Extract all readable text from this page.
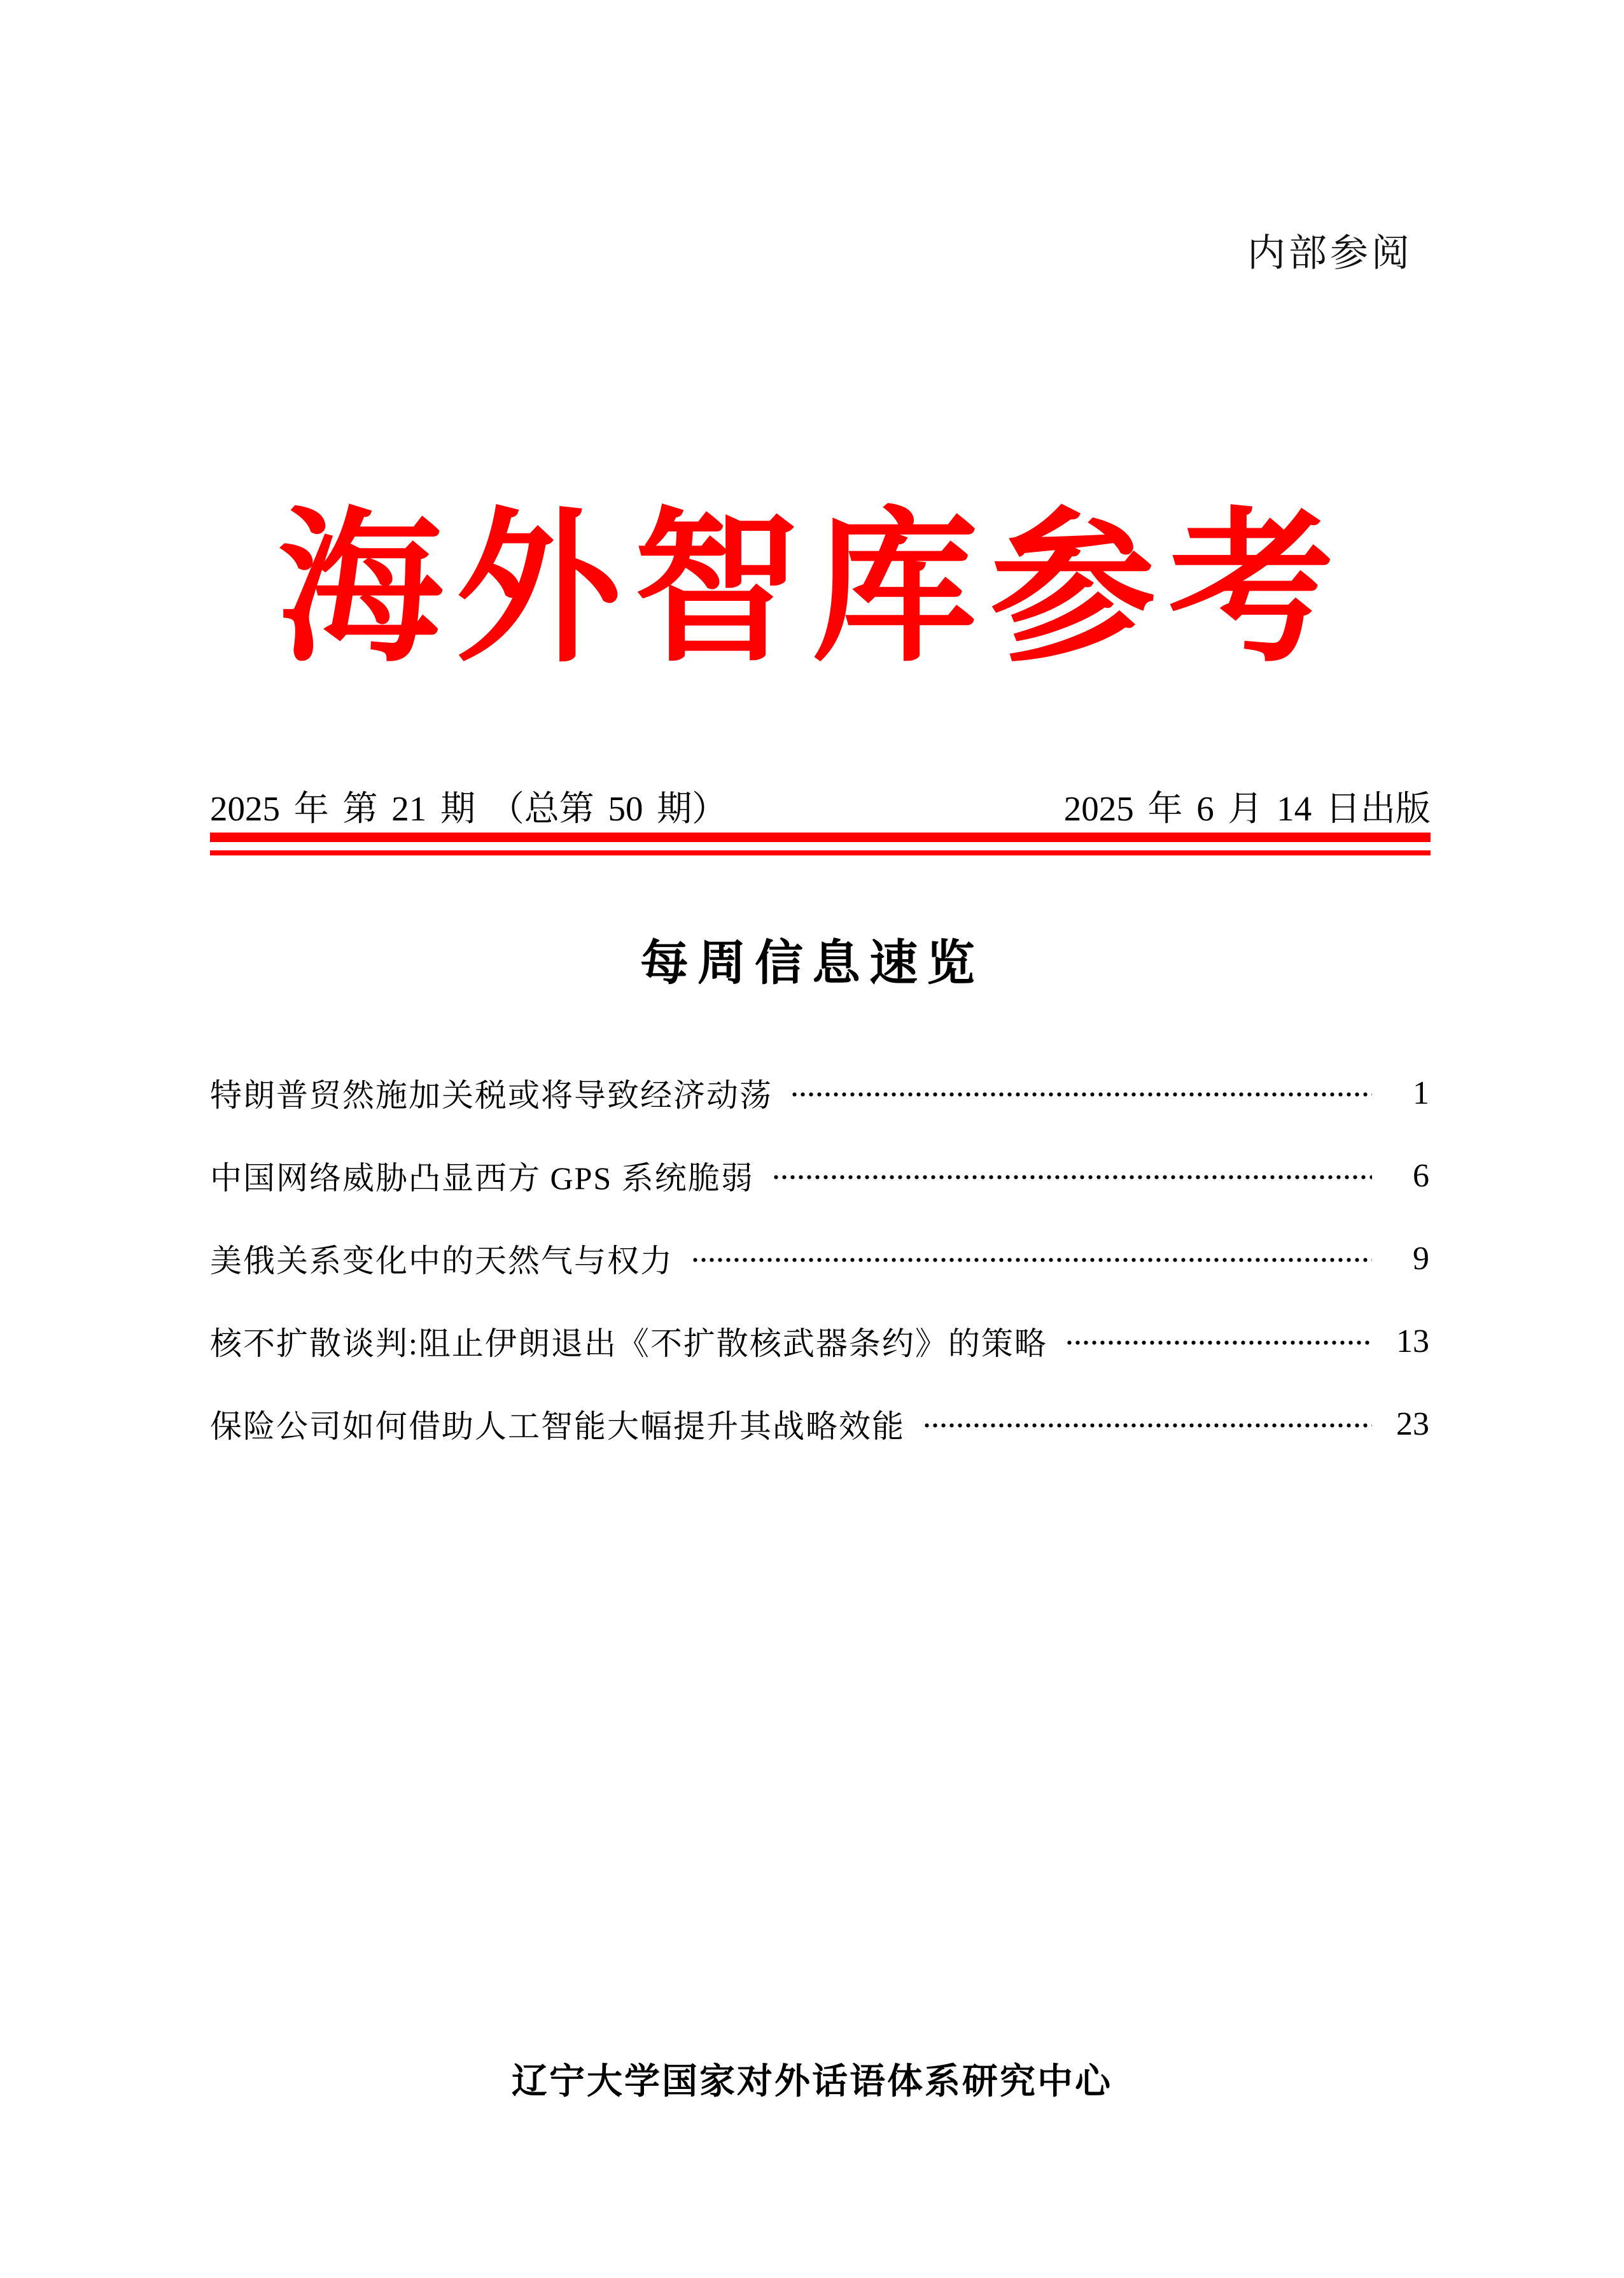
内部参阅
海外智库参考
2025 年 第 21 期 （总第 50 期）	2025 年 6 月 14 日出版
每周信息速览
特朗普贸然施加关税或将导致经济动荡	1
中国网络威胁凸显西方 GPS 系统脆弱	6
美俄关系变化中的天然气与权力	9
核不扩散谈判:阻止伊朗退出《不扩散核武器条约》的策略	13
保险公司如何借助人工智能大幅提升其战略效能	23
辽宁大学国家对外话语体系研究中心
